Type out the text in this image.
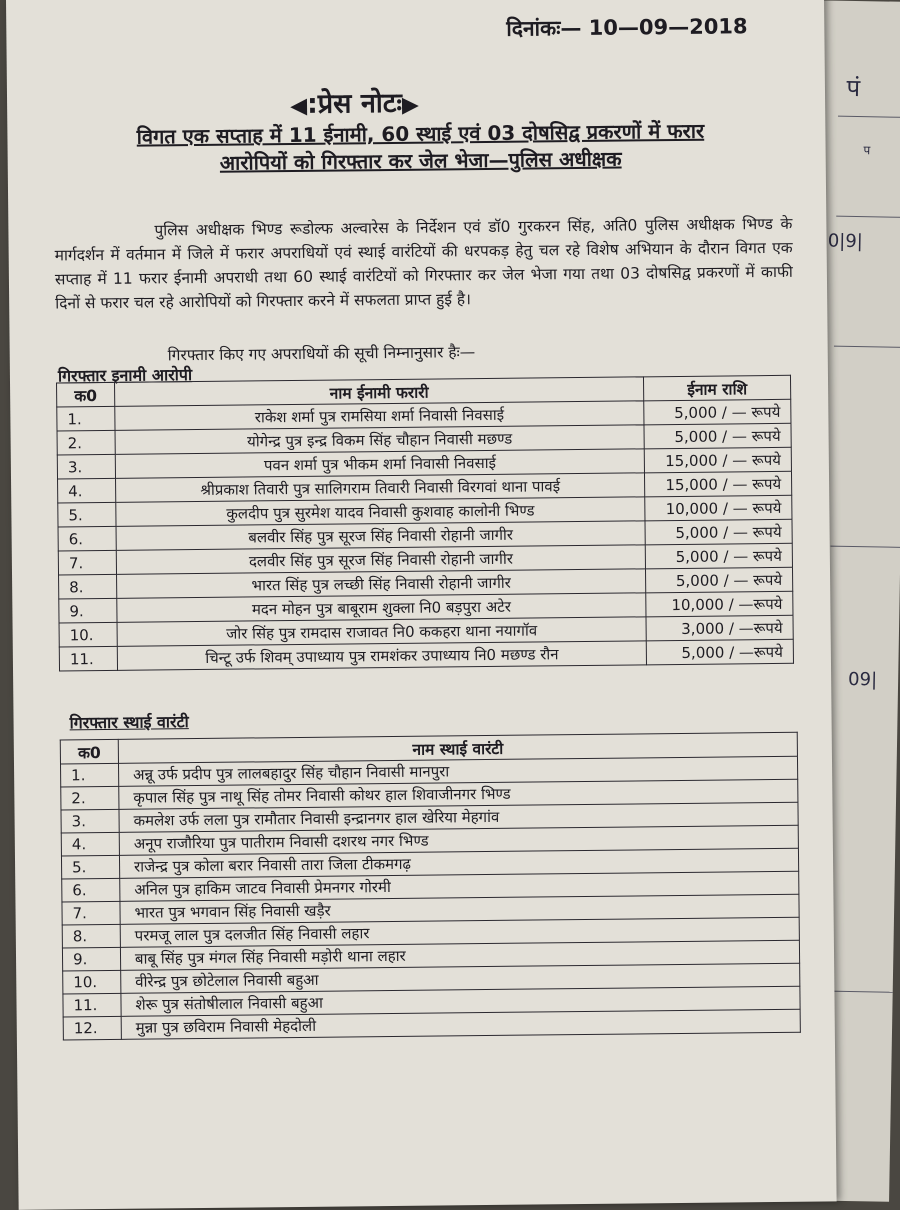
पं
प
0|9|
09|
दिनांकः— 10—09—2018
◀:प्रेस नोटः▶
विगत एक सप्ताह में 11 ईनामी, 60 स्थाई एवं 03 दोषसिद्व प्रकरणों में फरार
आरोपियों को गिरफ्तार कर जेल भेजा—पुलिस अधीक्षक
पुलिस अधीक्षक भिण्ड रूडोल्फ अल्वारेस के निर्देशन एवं डॉ0 गुरकरन सिंह, अति0 पुलिस अधीक्षक भिण्ड के मार्गदर्शन में वर्तमान में जिले में फरार अपराधियों एवं स्थाई वारंटियों की धरपकड़ हेतु चल रहे विशेष अभियान के दौरान विगत एक सप्ताह में 11 फरार ईनामी अपराधी तथा 60 स्थाई वारंटियों को गिरफ्तार कर जेल भेजा गया तथा 03 दोषसिद्व प्रकरणों में काफी दिनों से फरार चल रहे आरोपियों को गिरफ्तार करने में सफलता प्राप्त हुई है।
गिरफ्तार किए गए अपराधियों की सूची निम्नानुसार हैः—
गिरफ्तार इनामी आरोपी
क0	नाम ईनामी फरारी	ईनाम राशि
1.	राकेश शर्मा पुत्र रामसिया शर्मा निवासी निवसाई	5,000 / — रूपये
2.	योगेन्द्र पुत्र इन्द्र विकम सिंह चौहान निवासी मछण्ड	5,000 / — रूपये
3.	पवन शर्मा पुत्र भीकम शर्मा निवासी निवसाई	15,000 / — रूपये
4.	श्रीप्रकाश तिवारी पुत्र सालिगराम तिवारी निवासी विरगवां थाना पावई	15,000 / — रूपये
5.	कुलदीप पुत्र सुरमेश यादव निवासी कुशवाह कालोनी भिण्ड	10,000 / — रूपये
6.	बलवीर सिंह पुत्र सूरज सिंह निवासी रोहानी जागीर	5,000 / — रूपये
7.	दलवीर सिंह पुत्र सूरज सिंह निवासी रोहानी जागीर	5,000 / — रूपये
8.	भारत सिंह पुत्र लच्छी सिंह निवासी रोहानी जागीर	5,000 / — रूपये
9.	मदन मोहन पुत्र बाबूराम शुक्ला नि0 बड़पुरा अटेर	10,000 / —रूपये
10.	जोर सिंह पुत्र रामदास राजावत नि0 ककहरा थाना नयागॉव	3,000 / —रूपये
11.	चिन्टू उर्फ शिवम् उपाध्याय पुत्र रामशंकर उपाध्याय नि0 मछण्ड रौन	5,000 / —रूपये
गिरफ्तार स्थाई वारंटी
क0	नाम स्थाई वारंटी
1.	अन्नू उर्फ प्रदीप पुत्र लालबहादुर सिंह चौहान निवासी मानपुरा
2.	कृपाल सिंह पुत्र नाथू सिंह तोमर निवासी कोथर हाल शिवाजीनगर भिण्ड
3.	कमलेश उर्फ लला पुत्र रामौतार निवासी इन्द्रानगर हाल खेरिया मेहगांव
4.	अनूप राजौरिया पुत्र पातीराम निवासी दशरथ नगर भिण्ड
5.	राजेन्द्र पुत्र कोला बरार निवासी तारा जिला टीकमगढ़
6.	अनिल पुत्र हाकिम जाटव निवासी प्रेमनगर गोरमी
7.	भारत पुत्र भगवान सिंह निवासी खड़ैर
8.	परमजू लाल पुत्र दलजीत सिंह निवासी लहार
9.	बाबू सिंह पुत्र मंगल सिंह निवासी मड़ोरी थाना लहार
10.	वीरेन्द्र पुत्र छोटेलाल निवासी बहुआ
11.	शेरू पुत्र संतोषीलाल निवासी बहुआ
12.	मुन्ना पुत्र छविराम निवासी मेहदोली
